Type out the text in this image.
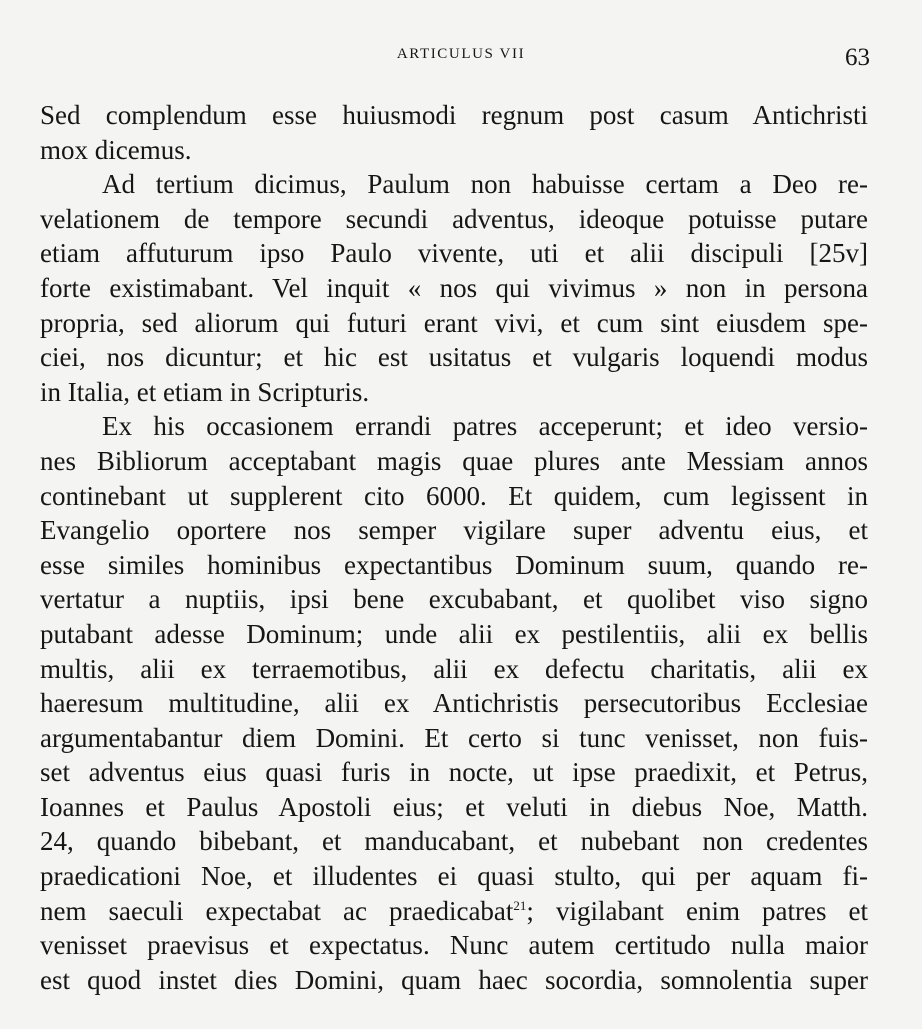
ARTICULUS VII	63
Sed complendum esse huiusmodi regnum post casum Antichristi
mox dicemus.
Ad tertium dicimus, Paulum non habuisse certam a Deo re-
velationem de tempore secundi adventus, ideoque potuisse putare
etiam affuturum ipso Paulo vivente, uti et alii discipuli [25v]
forte existimabant. Vel inquit « nos qui vivimus » non in persona
propria, sed aliorum qui futuri erant vivi, et cum sint eiusdem spe-
ciei, nos dicuntur; et hic est usitatus et vulgaris loquendi modus
in Italia, et etiam in Scripturis.
Ex his occasionem errandi patres acceperunt; et ideo versio-
nes Bibliorum acceptabant magis quae plures ante Messiam annos
continebant ut supplerent cito 6000. Et quidem, cum legissent in
Evangelio oportere nos semper vigilare super adventu eius, et
esse similes hominibus expectantibus Dominum suum, quando re-
vertatur a nuptiis, ipsi bene excubabant, et quolibet viso signo
putabant adesse Dominum; unde alii ex pestilentiis, alii ex bellis
multis, alii ex terraemotibus, alii ex defectu charitatis, alii ex
haeresum multitudine, alii ex Antichristis persecutoribus Ecclesiae
argumentabantur diem Domini. Et certo si tunc venisset, non fuis-
set adventus eius quasi furis in nocte, ut ipse praedixit, et Petrus,
Ioannes et Paulus Apostoli eius; et veluti in diebus Noe, Matth.
24, quando bibebant, et manducabant, et nubebant non credentes
praedicationi Noe, et illudentes ei quasi stulto, qui per aquam fi-
nem saeculi expectabat ac praedicabat$^{21}$; vigilabant enim patres et
venisset praevisus et expectatus. Nunc autem certitudo nulla maior
est quod instet dies Domini, quam haec socordia, somnolentia super
